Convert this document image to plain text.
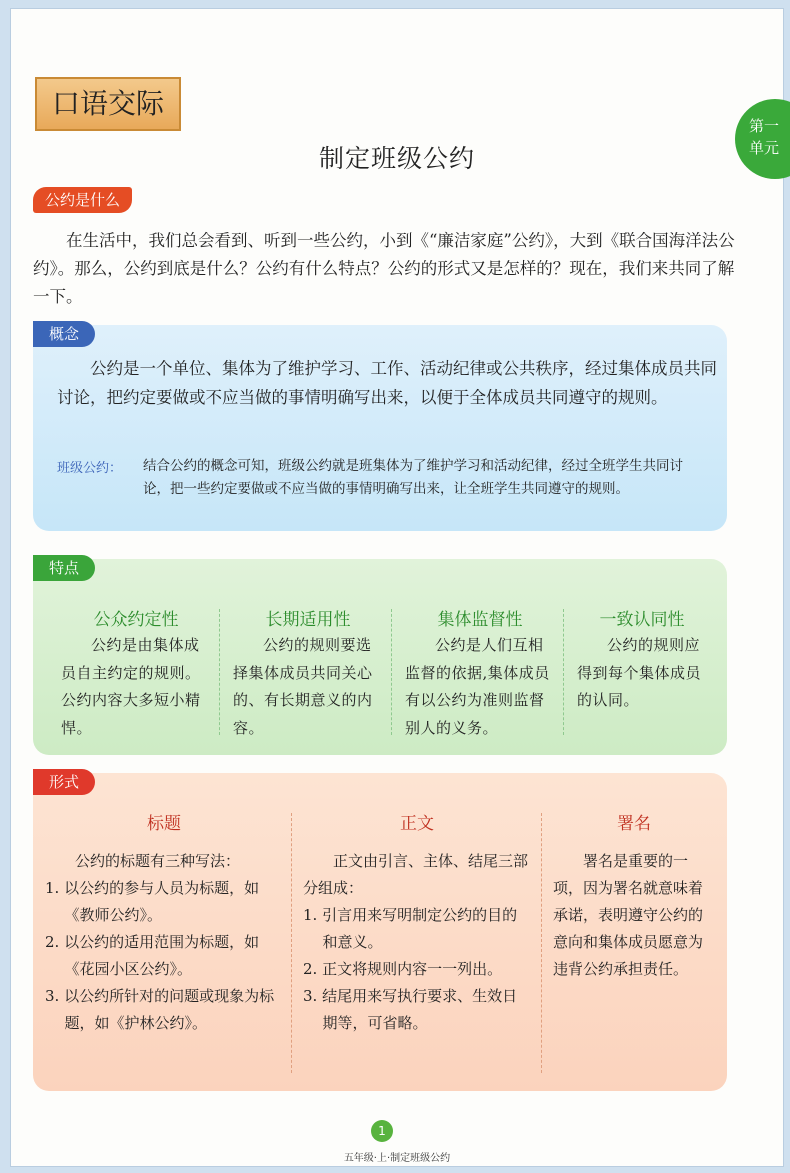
口语交际
第一
单元
制定班级公约
公约是什么

在生活中，我们总会看到、听到一些公约，小到《“廉洁家庭”公约》，大到《联合国海洋法公约》。那么，公约到底是什么？公约有什么特点？公约的形式又是怎样的？现在，我们来共同了解一下。

概念

公约是一个单位、集体为了维护学习、工作、活动纪律或公共秩序，经过集体成员共同讨论，把约定要做或不应当做的事情明确写出来，以便于全体成员共同遵守的规则。

班级公约： 结合公约的概念可知，班级公约就是班集体为了维护学习和活动纪律，经过全班学生共同讨论，把一些约定要做或不应当做的事情明确写出来，让全班学生共同遵守的规则。

特点
公众约定性

公约是由集体成员自主约定的规则。公约内容大多短小精悍。

长期适用性

公约的规则要选择集体成员共同关心的、有长期意义的内容。

集体监督性

公约是人们互相监督的依据,集体成员有以公约为准则监督别人的义务。

一致认同性

公约的规则应得到每个集体成员的认同。

形式
标题

公约的标题有三种写法：

1. 以公约的参与人员为标题，如《教师公约》。

2. 以公约的适用范围为标题，如《花园小区公约》。

3. 以公约所针对的问题或现象为标题，如《护林公约》。

正文

正文由引言、主体、结尾三部分组成：

1. 引言用来写明制定公约的目的和意义。

2. 正文将规则内容一一列出。

3. 结尾用来写执行要求、生效日期等，可省略。

署名

署名是重要的一项，因为署名就意味着承诺，表明遵守公约的意向和集体成员愿意为违背公约承担责任。

1
五年级·上·制定班级公约
